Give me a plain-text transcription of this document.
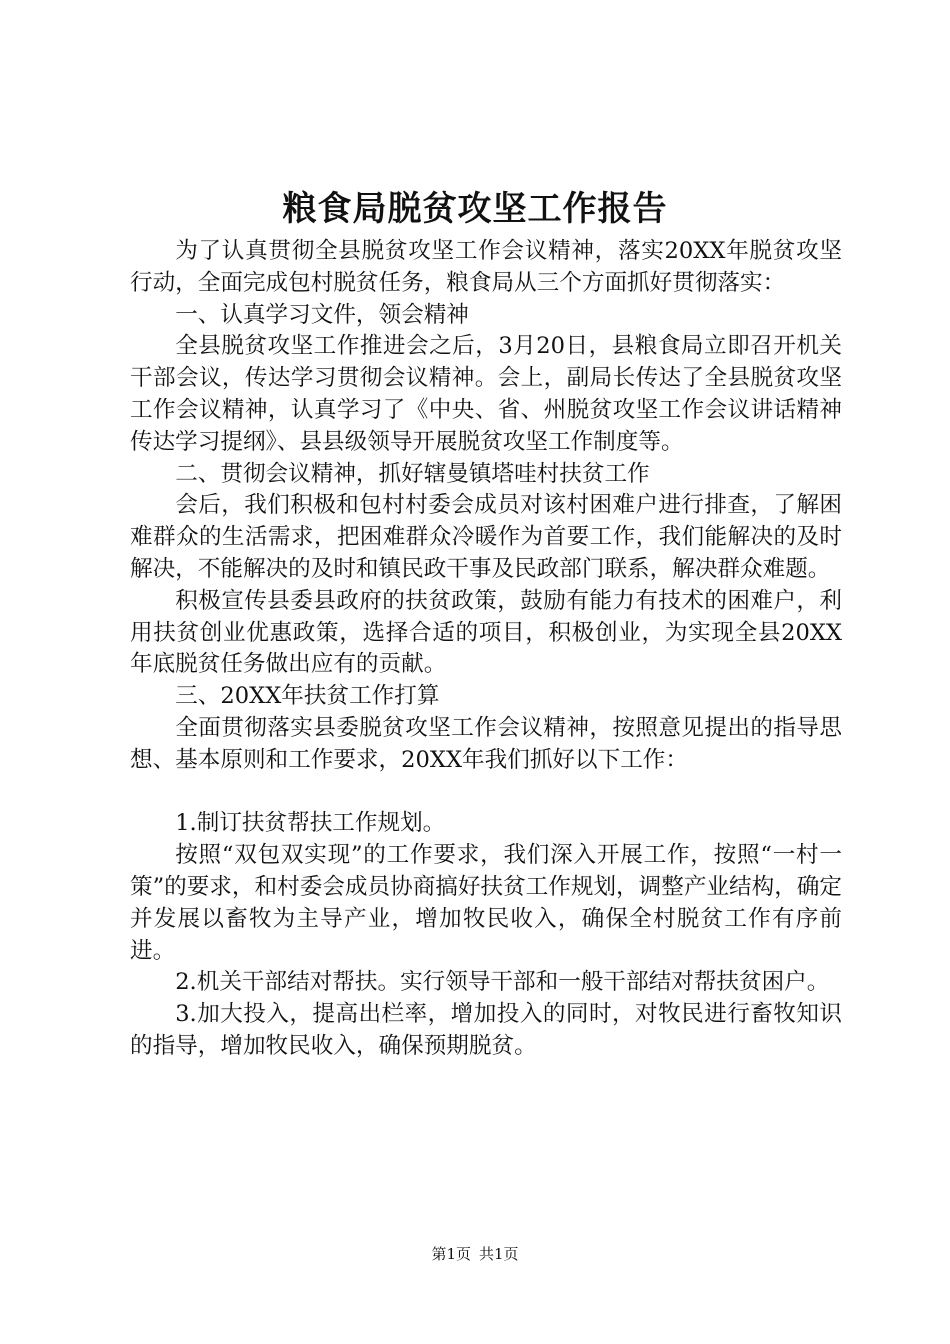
粮食局脱贫攻坚工作报告

为了认真贯彻全县脱贫攻坚工作会议精神，落实20XX年脱贫攻坚行动，全面完成包村脱贫任务，粮食局从三个方面抓好贯彻落实：

一、认真学习文件，领会精神

全县脱贫攻坚工作推进会之后，3月20日，县粮食局立即召开机关干部会议，传达学习贯彻会议精神。会上，副局长传达了全县脱贫攻坚工作会议精神，认真学习了《中央、省、州脱贫攻坚工作会议讲话精神传达学习提纲》、县县级领导开展脱贫攻坚工作制度等。

二、贯彻会议精神，抓好辖曼镇塔哇村扶贫工作

会后，我们积极和包村村委会成员对该村困难户进行排查，了解困难群众的生活需求，把困难群众冷暖作为首要工作，我们能解决的及时解决，不能解决的及时和镇民政干事及民政部门联系，解决群众难题。

积极宣传县委县政府的扶贫政策，鼓励有能力有技术的困难户，利用扶贫创业优惠政策，选择合适的项目，积极创业，为实现全县20XX年底脱贫任务做出应有的贡献。

三、20XX年扶贫工作打算

全面贯彻落实县委脱贫攻坚工作会议精神，按照意见提出的指导思想、基本原则和工作要求，20XX年我们抓好以下工作：

1.制订扶贫帮扶工作规划。

按照“双包双实现”的工作要求，我们深入开展工作，按照“一村一策”的要求，和村委会成员协商搞好扶贫工作规划，调整产业结构，确定并发展以畜牧为主导产业，增加牧民收入，确保全村脱贫工作有序前进。

2.机关干部结对帮扶。实行领导干部和一般干部结对帮扶贫困户。

3.加大投入，提高出栏率，增加投入的同时，对牧民进行畜牧知识的指导，增加牧民收入，确保预期脱贫。

第1页 共1页
